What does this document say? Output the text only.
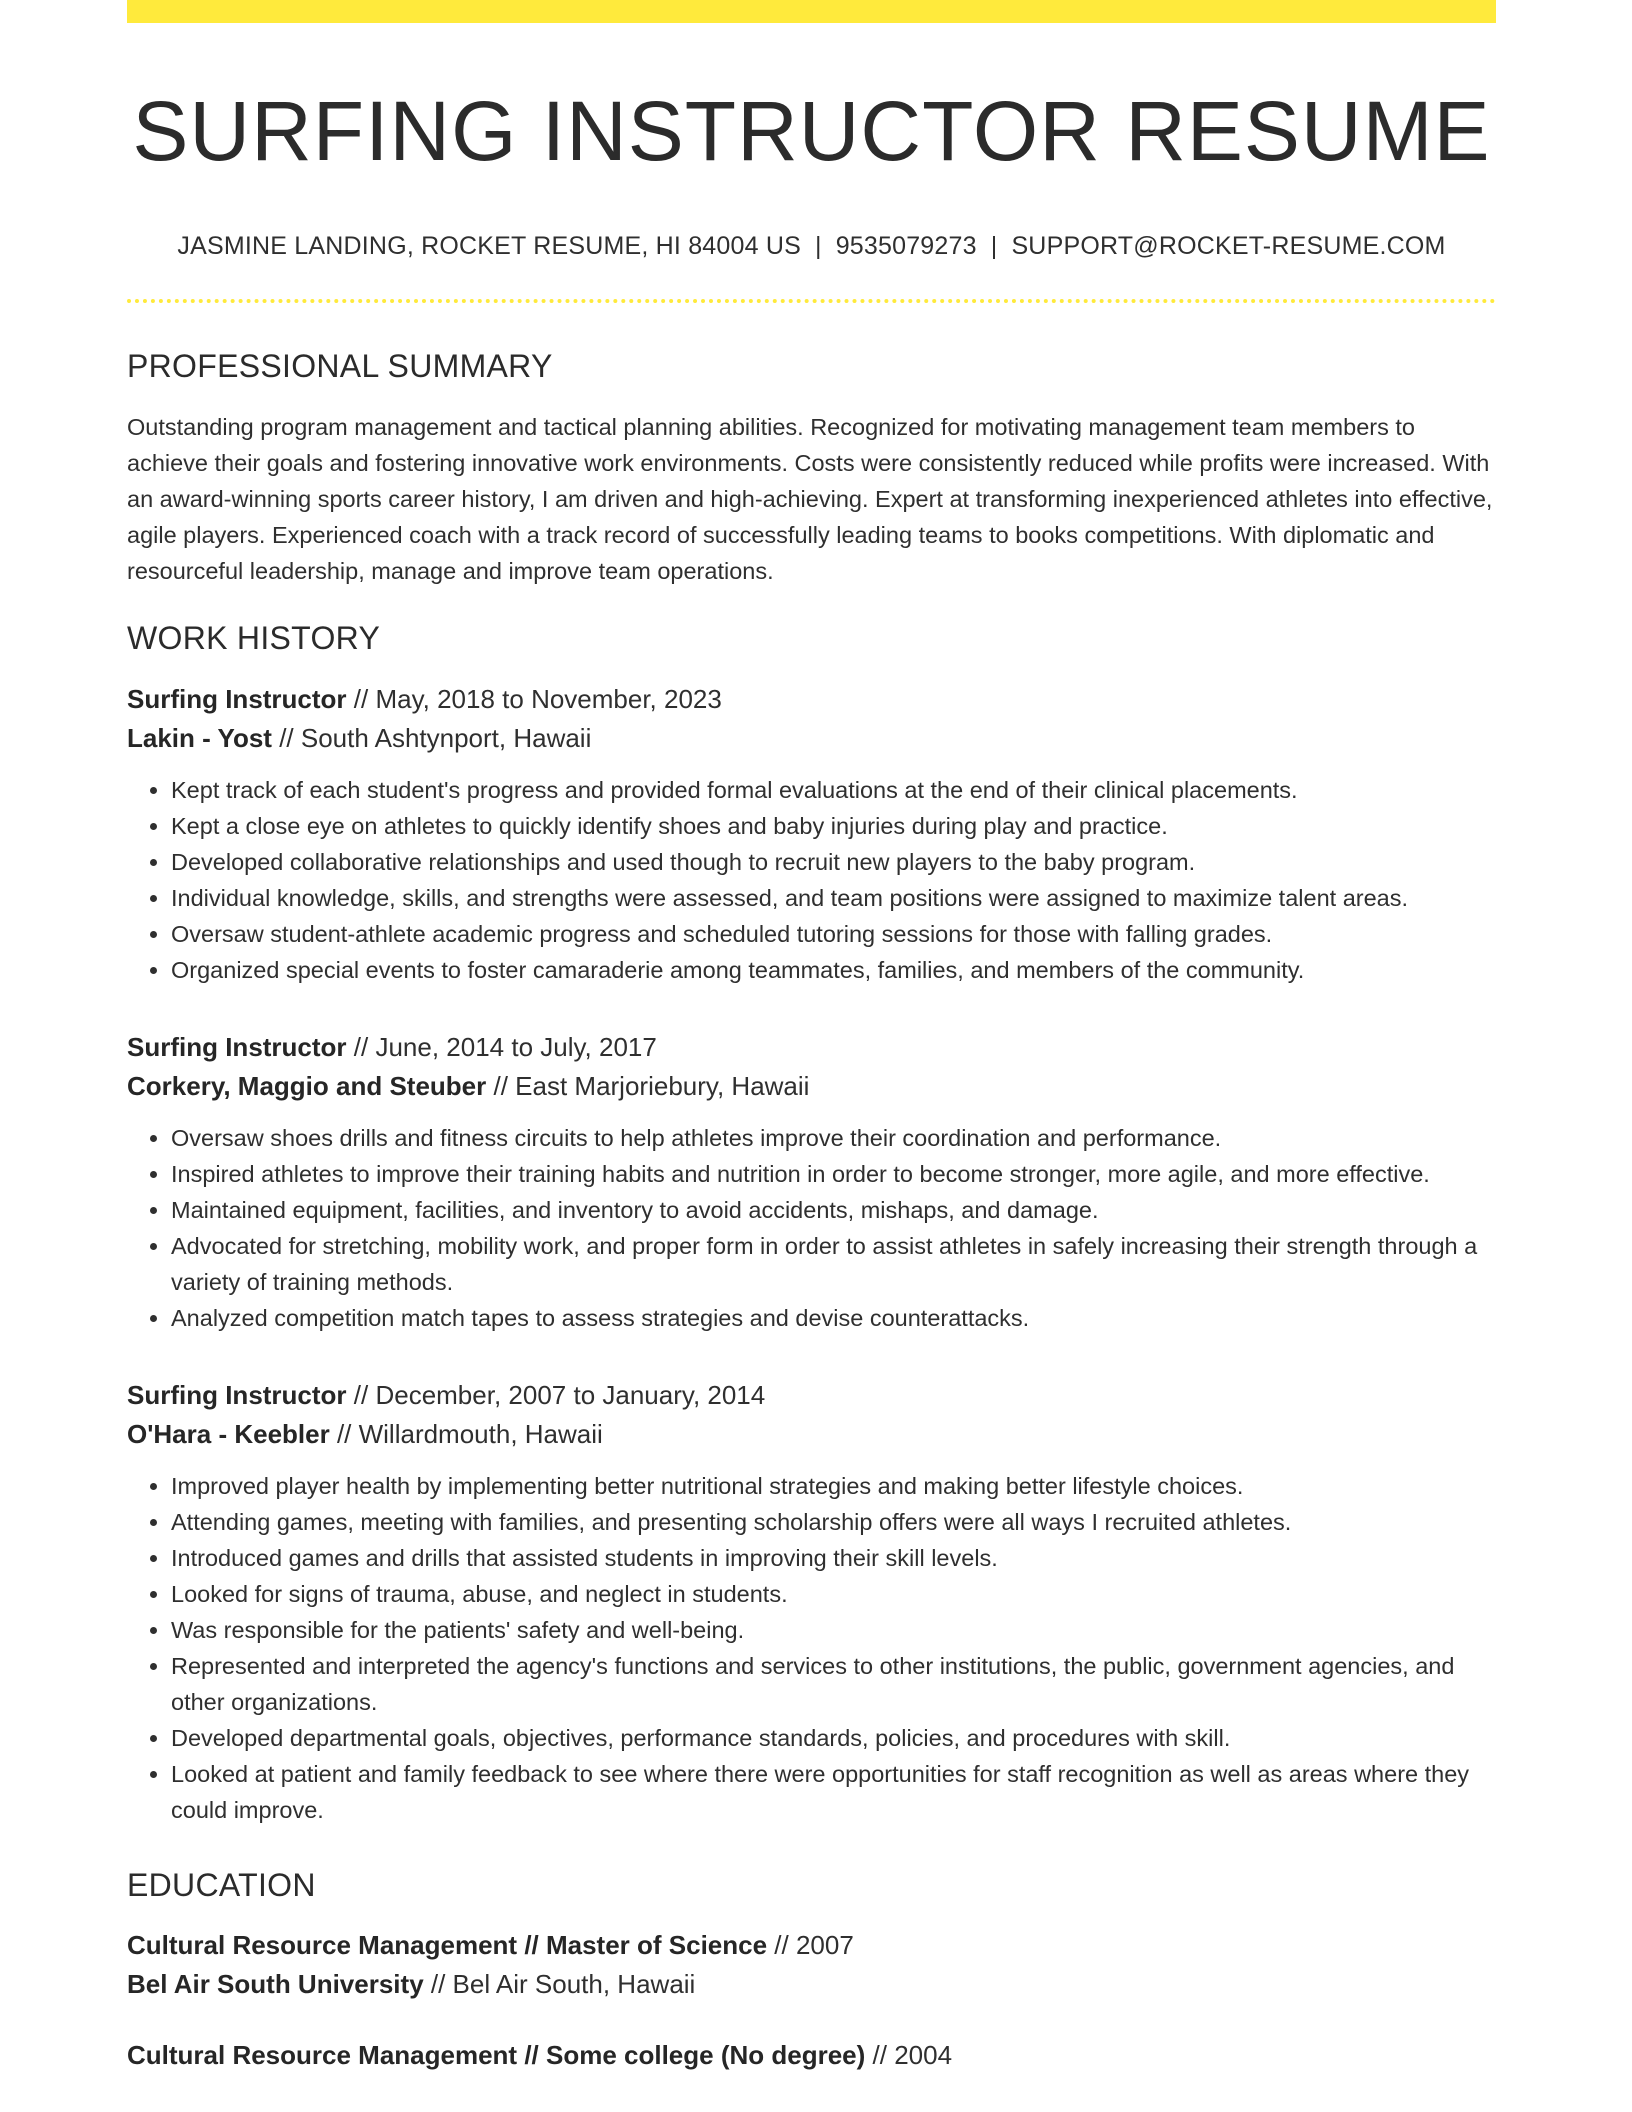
SURFING INSTRUCTOR RESUME
JASMINE LANDING, ROCKET RESUME, HI 84004 US | 9535079273 | SUPPORT@ROCKET-RESUME.COM
PROFESSIONAL SUMMARY

Outstanding program management and tactical planning abilities. Recognized for motivating management team members to achieve their goals and fostering innovative work environments. Costs were consistently reduced while profits were increased. With an award-winning sports career history, I am driven and high-achieving. Expert at transforming inexperienced athletes into effective, agile players. Experienced coach with a track record of successfully leading teams to books competitions. With diplomatic and resourceful leadership, manage and improve team operations.

WORK HISTORY
Surfing Instructor // May, 2018 to November, 2023
Lakin - Yost // South Ashtynport, Hawaii
• Kept track of each student's progress and provided formal evaluations at the end of their clinical placements.
• Kept a close eye on athletes to quickly identify shoes and baby injuries during play and practice.
• Developed collaborative relationships and used though to recruit new players to the baby program.
• Individual knowledge, skills, and strengths were assessed, and team positions were assigned to maximize talent areas.
• Oversaw student-athlete academic progress and scheduled tutoring sessions for those with falling grades.
• Organized special events to foster camaraderie among teammates, families, and members of the community.
Surfing Instructor // June, 2014 to July, 2017
Corkery, Maggio and Steuber // East Marjoriebury, Hawaii
• Oversaw shoes drills and fitness circuits to help athletes improve their coordination and performance.
• Inspired athletes to improve their training habits and nutrition in order to become stronger, more agile, and more effective.
• Maintained equipment, facilities, and inventory to avoid accidents, mishaps, and damage.
• Advocated for stretching, mobility work, and proper form in order to assist athletes in safely increasing their strength through a variety of training methods.
• Analyzed competition match tapes to assess strategies and devise counterattacks.
Surfing Instructor // December, 2007 to January, 2014
O'Hara - Keebler // Willardmouth, Hawaii
• Improved player health by implementing better nutritional strategies and making better lifestyle choices.
• Attending games, meeting with families, and presenting scholarship offers were all ways I recruited athletes.
• Introduced games and drills that assisted students in improving their skill levels.
• Looked for signs of trauma, abuse, and neglect in students.
• Was responsible for the patients' safety and well-being.
• Represented and interpreted the agency's functions and services to other institutions, the public, government agencies, and other organizations.
• Developed departmental goals, objectives, performance standards, policies, and procedures with skill.
• Looked at patient and family feedback to see where there were opportunities for staff recognition as well as areas where they could improve.
EDUCATION
Cultural Resource Management // Master of Science // 2007
Bel Air South University // Bel Air South, Hawaii
Cultural Resource Management // Some college (No degree) // 2004
